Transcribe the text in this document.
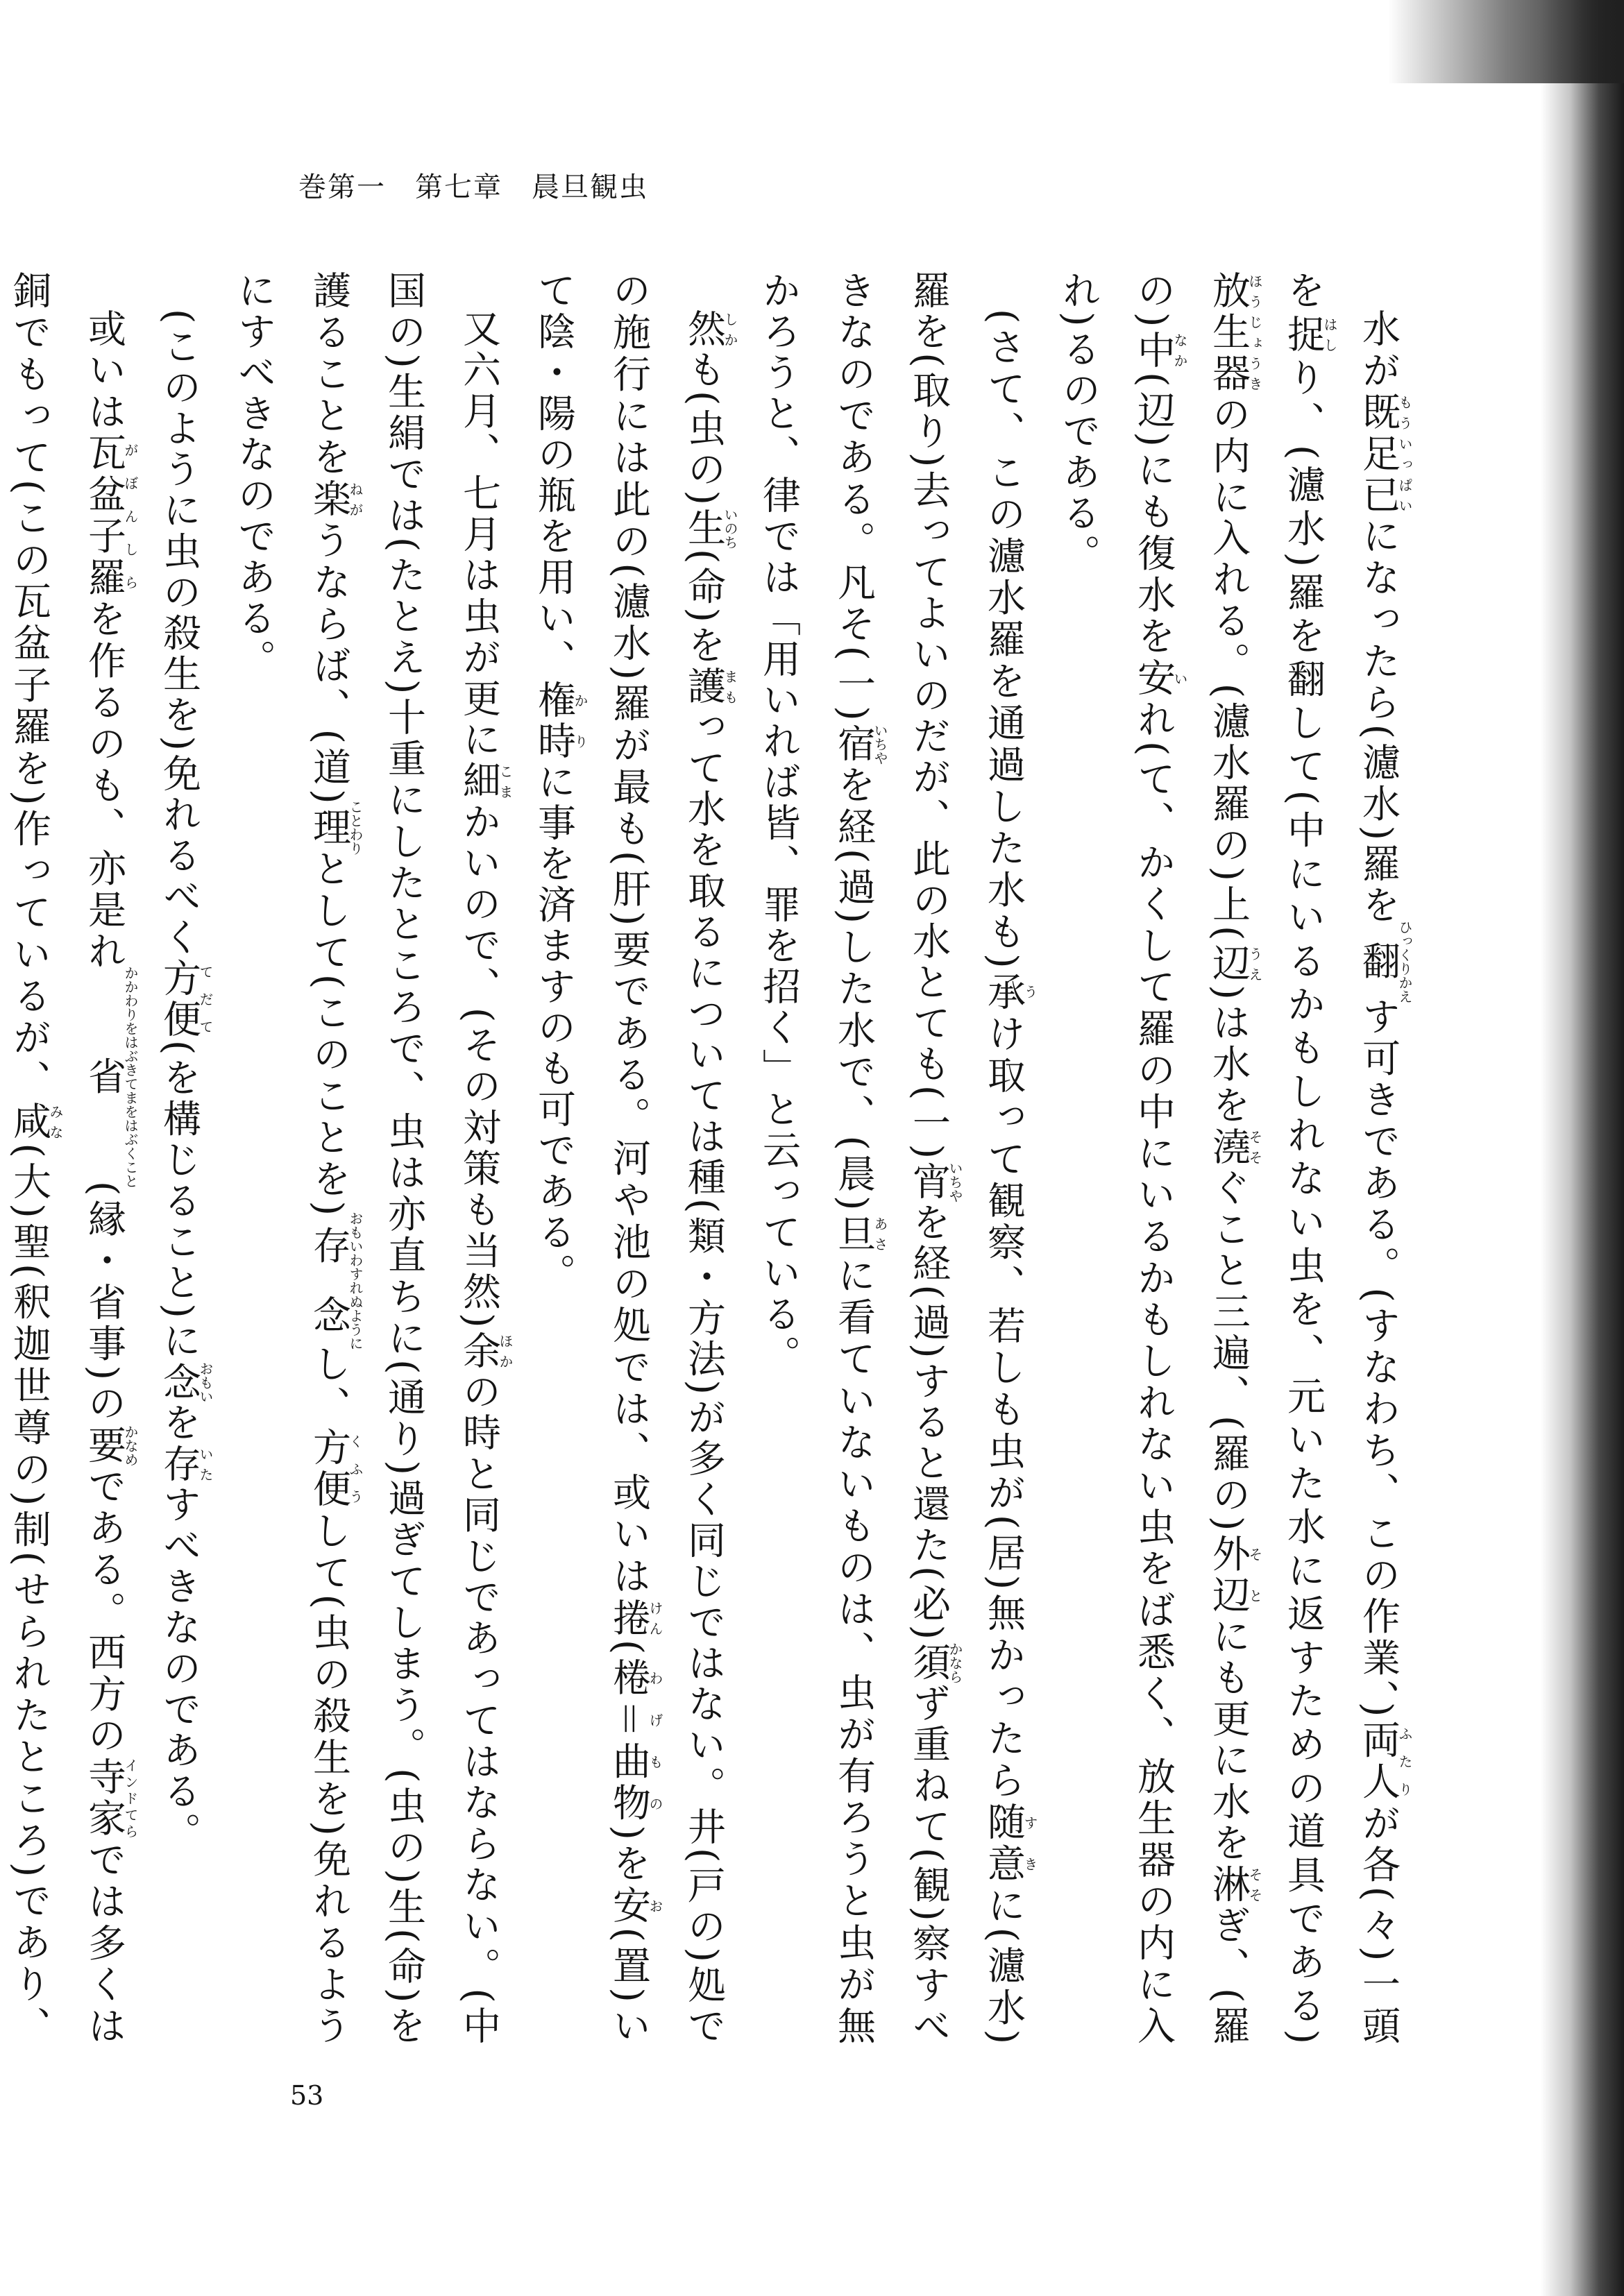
巻第一　第七章　晨旦観虫

水が既足已もういっぱいになったら(濾水)羅を翻ひっくりかえす可きである。(すなわち、この作業、)両人ふたりが各(々)一頭を捉はしり、(濾水)羅を翻して(中にいるかもしれない虫を、元いた水に返すための道具である)放生器ほうじょうきの内に入れる。(濾水羅の)上(辺うえ)は水を澆そそぐこと三遍、(羅の)外辺そとにも更に水を淋そそぎ、(羅の)中なか(辺)にも復水を安いれ(て、かくして羅の中にいるかもしれない虫をば悉く、放生器の内に入れ)るのである。

(さて、この濾水羅を通過した水も)承うけ取って観察、若しも虫が(居)無かったら随意すきに(濾水)羅を(取り)去ってよいのだが、此の水とても(一)宵いちやを経(過)すると還た(必)須かならず重ねて(観)察すべきなのである。凡そ(一)宿いちやを経(過)した水で、(晨)旦あさに看ていないものは、虫が有ろうと虫が無かろうと、律では「用いれば皆、罪を招く」と云っている。

然しかも(虫の)生いのち(命)を護まもって水を取るについては種(類・方法)が多く同じではない。井(戸の)処での施行には此の(濾水)羅が最も(肝)要である。河や池の処では、或いは捲けん(棬＝曲物わげもの)を安お(置)いて陰・陽の瓶を用い、権時かりに事を済ますのも可である。

又六月、七月は虫が更に細こまかいので、(その対策も当然)余ほかの時と同じであってはならない。(中国の)生絹では(たとえ)十重にしたところで、虫は亦直ちに(通り)過ぎてしまう。(虫の)生(命)を護ることを楽ねがうならば、(道)理ことわりとして(このことを)存念おもいわすれぬようにし、方便くふうして(虫の殺生を)免れるようにすべきなのである。

(このように虫の殺生を)免れるべく方便てだて(を構じること)に念おもいを存いたすべきなのである。

或いは瓦盆子羅がぼんしらを作るのも、亦是れ省かかわりをはぶきてまをはぶくこと(縁・省事)の要かなめである。西方の寺家インドてらでは多くは銅でもって(この瓦盆子羅を)作っているが、咸みな(大)聖(釈迦世尊の)制(せられたところ)であり、

53
